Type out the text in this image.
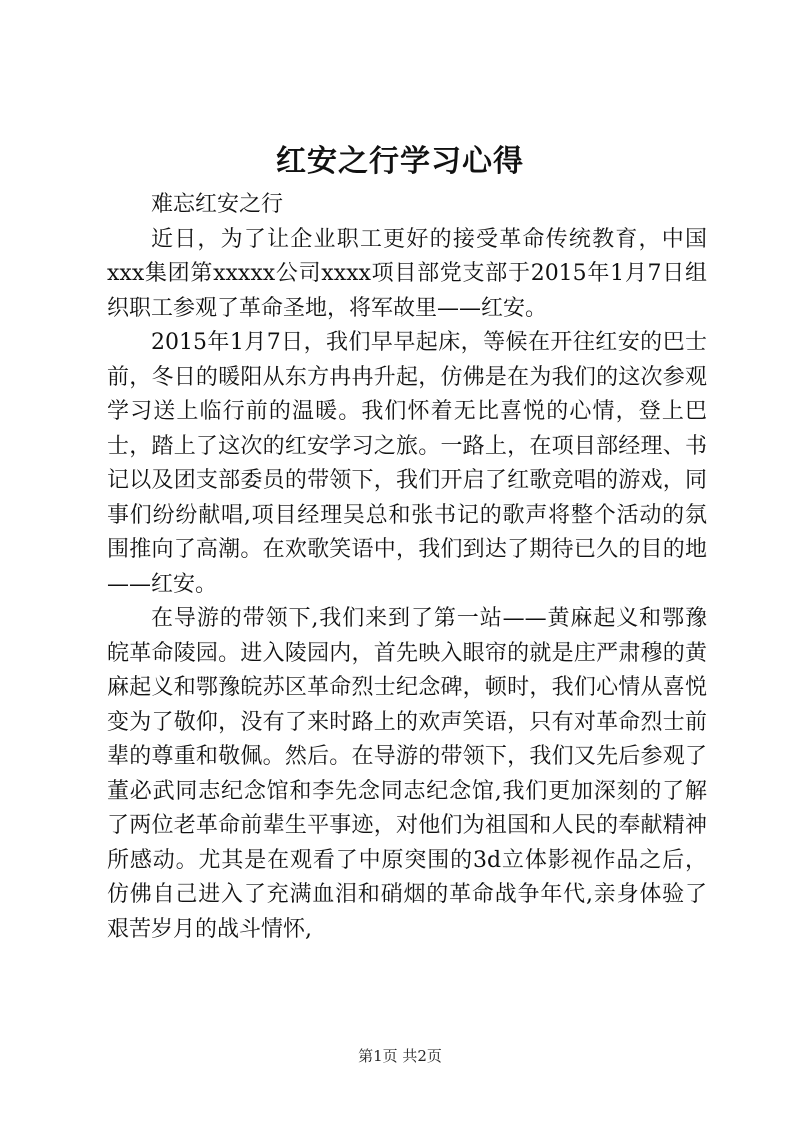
红安之行学习心得

难忘红安之行

近日，为了让企业职工更好的接受革命传统教育，中国xxx集团第xxxxx公司xxxx项目部党支部于2015年1月7日组织职工参观了革命圣地，将军故里——红安。

2015年1月7日，我们早早起床，等候在开往红安的巴士前，冬日的暖阳从东方冉冉升起，仿佛是在为我们的这次参观学习送上临行前的温暖。我们怀着无比喜悦的心情，登上巴士，踏上了这次的红安学习之旅。一路上，在项目部经理、书记以及团支部委员的带领下，我们开启了红歌竞唱的游戏，同事们纷纷献唱,项目经理吴总和张书记的歌声将整个活动的氛围推向了高潮。在欢歌笑语中，我们到达了期待已久的目的地——红安。

在导游的带领下,我们来到了第一站——黄麻起义和鄂豫皖革命陵园。进入陵园内，首先映入眼帘的就是庄严肃穆的黄麻起义和鄂豫皖苏区革命烈士纪念碑，顿时，我们心情从喜悦变为了敬仰，没有了来时路上的欢声笑语，只有对革命烈士前辈的尊重和敬佩。然后。在导游的带领下，我们又先后参观了董必武同志纪念馆和李先念同志纪念馆,我们更加深刻的了解了两位老革命前辈生平事迹，对他们为祖国和人民的奉献精神所感动。尤其是在观看了中原突围的3d立体影视作品之后，仿佛自己进入了充满血泪和硝烟的革命战争年代,亲身体验了艰苦岁月的战斗情怀,

第1页 共2页
